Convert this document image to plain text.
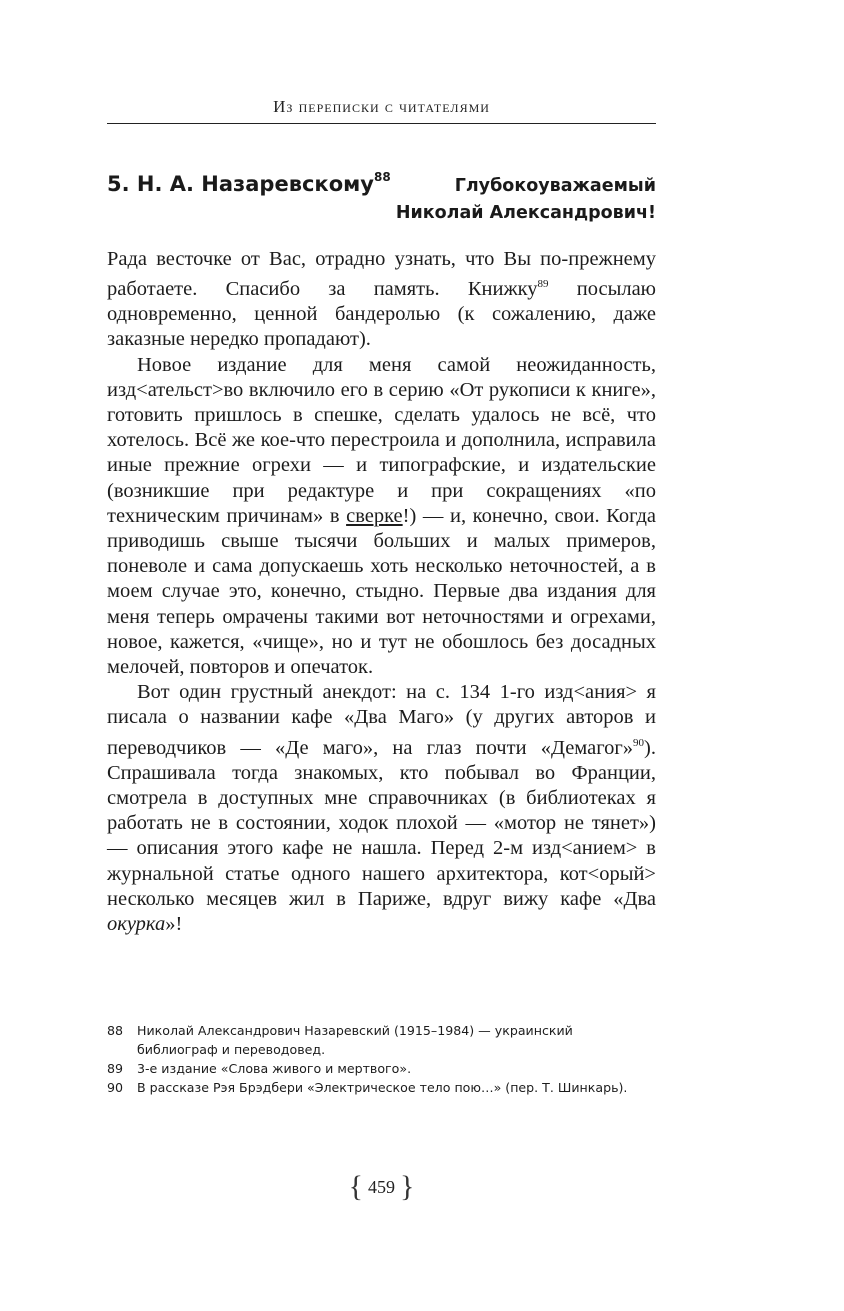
Из переписки с читателями
5. Н. А. Назаревскому$^{88}$	Глубокоуважаемый
Николай Александрович!

Рада весточке от Вас, отрадно узнать, что Вы по-прежнему работаете. Спасибо за память. Книжку$^{89}$ посылаю одновременно, ценной бандеролью (к сожалению, даже заказные нередко пропадают).

Новое издание для меня самой неожиданность, изд<ательст>во включило его в серию «От рукописи к книге», готовить пришлось в спешке, сделать удалось не всё, что хотелось. Всё же кое-что перестроила и дополнила, исправила иные прежние огрехи — и типографские, и издательские (возникшие при редактуре и при сокращениях «по техническим причинам» в сверке!) — и, конечно, свои. Когда приводишь свыше тысячи больших и малых примеров, поневоле и сама допускаешь хоть несколько неточностей, а в моем случае это, конечно, стыдно. Первые два издания для меня теперь омрачены такими вот неточностями и огрехами, новое, кажется, «чище», но и тут не обошлось без досадных мелочей, повторов и опечаток.

Вот один грустный анекдот: на с. 134 1-го изд<ания> я писала о названии кафе «Два Маго» (у других авторов и переводчиков — «Де маго», на глаз почти «Демагог»$^{90}$). Спрашивала тогда знакомых, кто побывал во Франции, смотрела в доступных мне справочниках (в библиотеках я работать не в состоянии, ходок плохой — «мотор не тянет») — описания этого кафе не нашла. Перед 2-м изд<анием> в журнальной статье одного нашего архитектора, кот<орый> несколько месяцев жил в Париже, вдруг вижу кафе «Два окурка»!

88	Николай Александрович Назаревский (1915–1984) — украинский библиограф и переводовед.
89	3-е издание «Слова живого и мертвого».
90	В рассказе Рэя Брэдбери «Электрическое тело пою…» (пер. Т. Шинкарь).
{ 459 }
